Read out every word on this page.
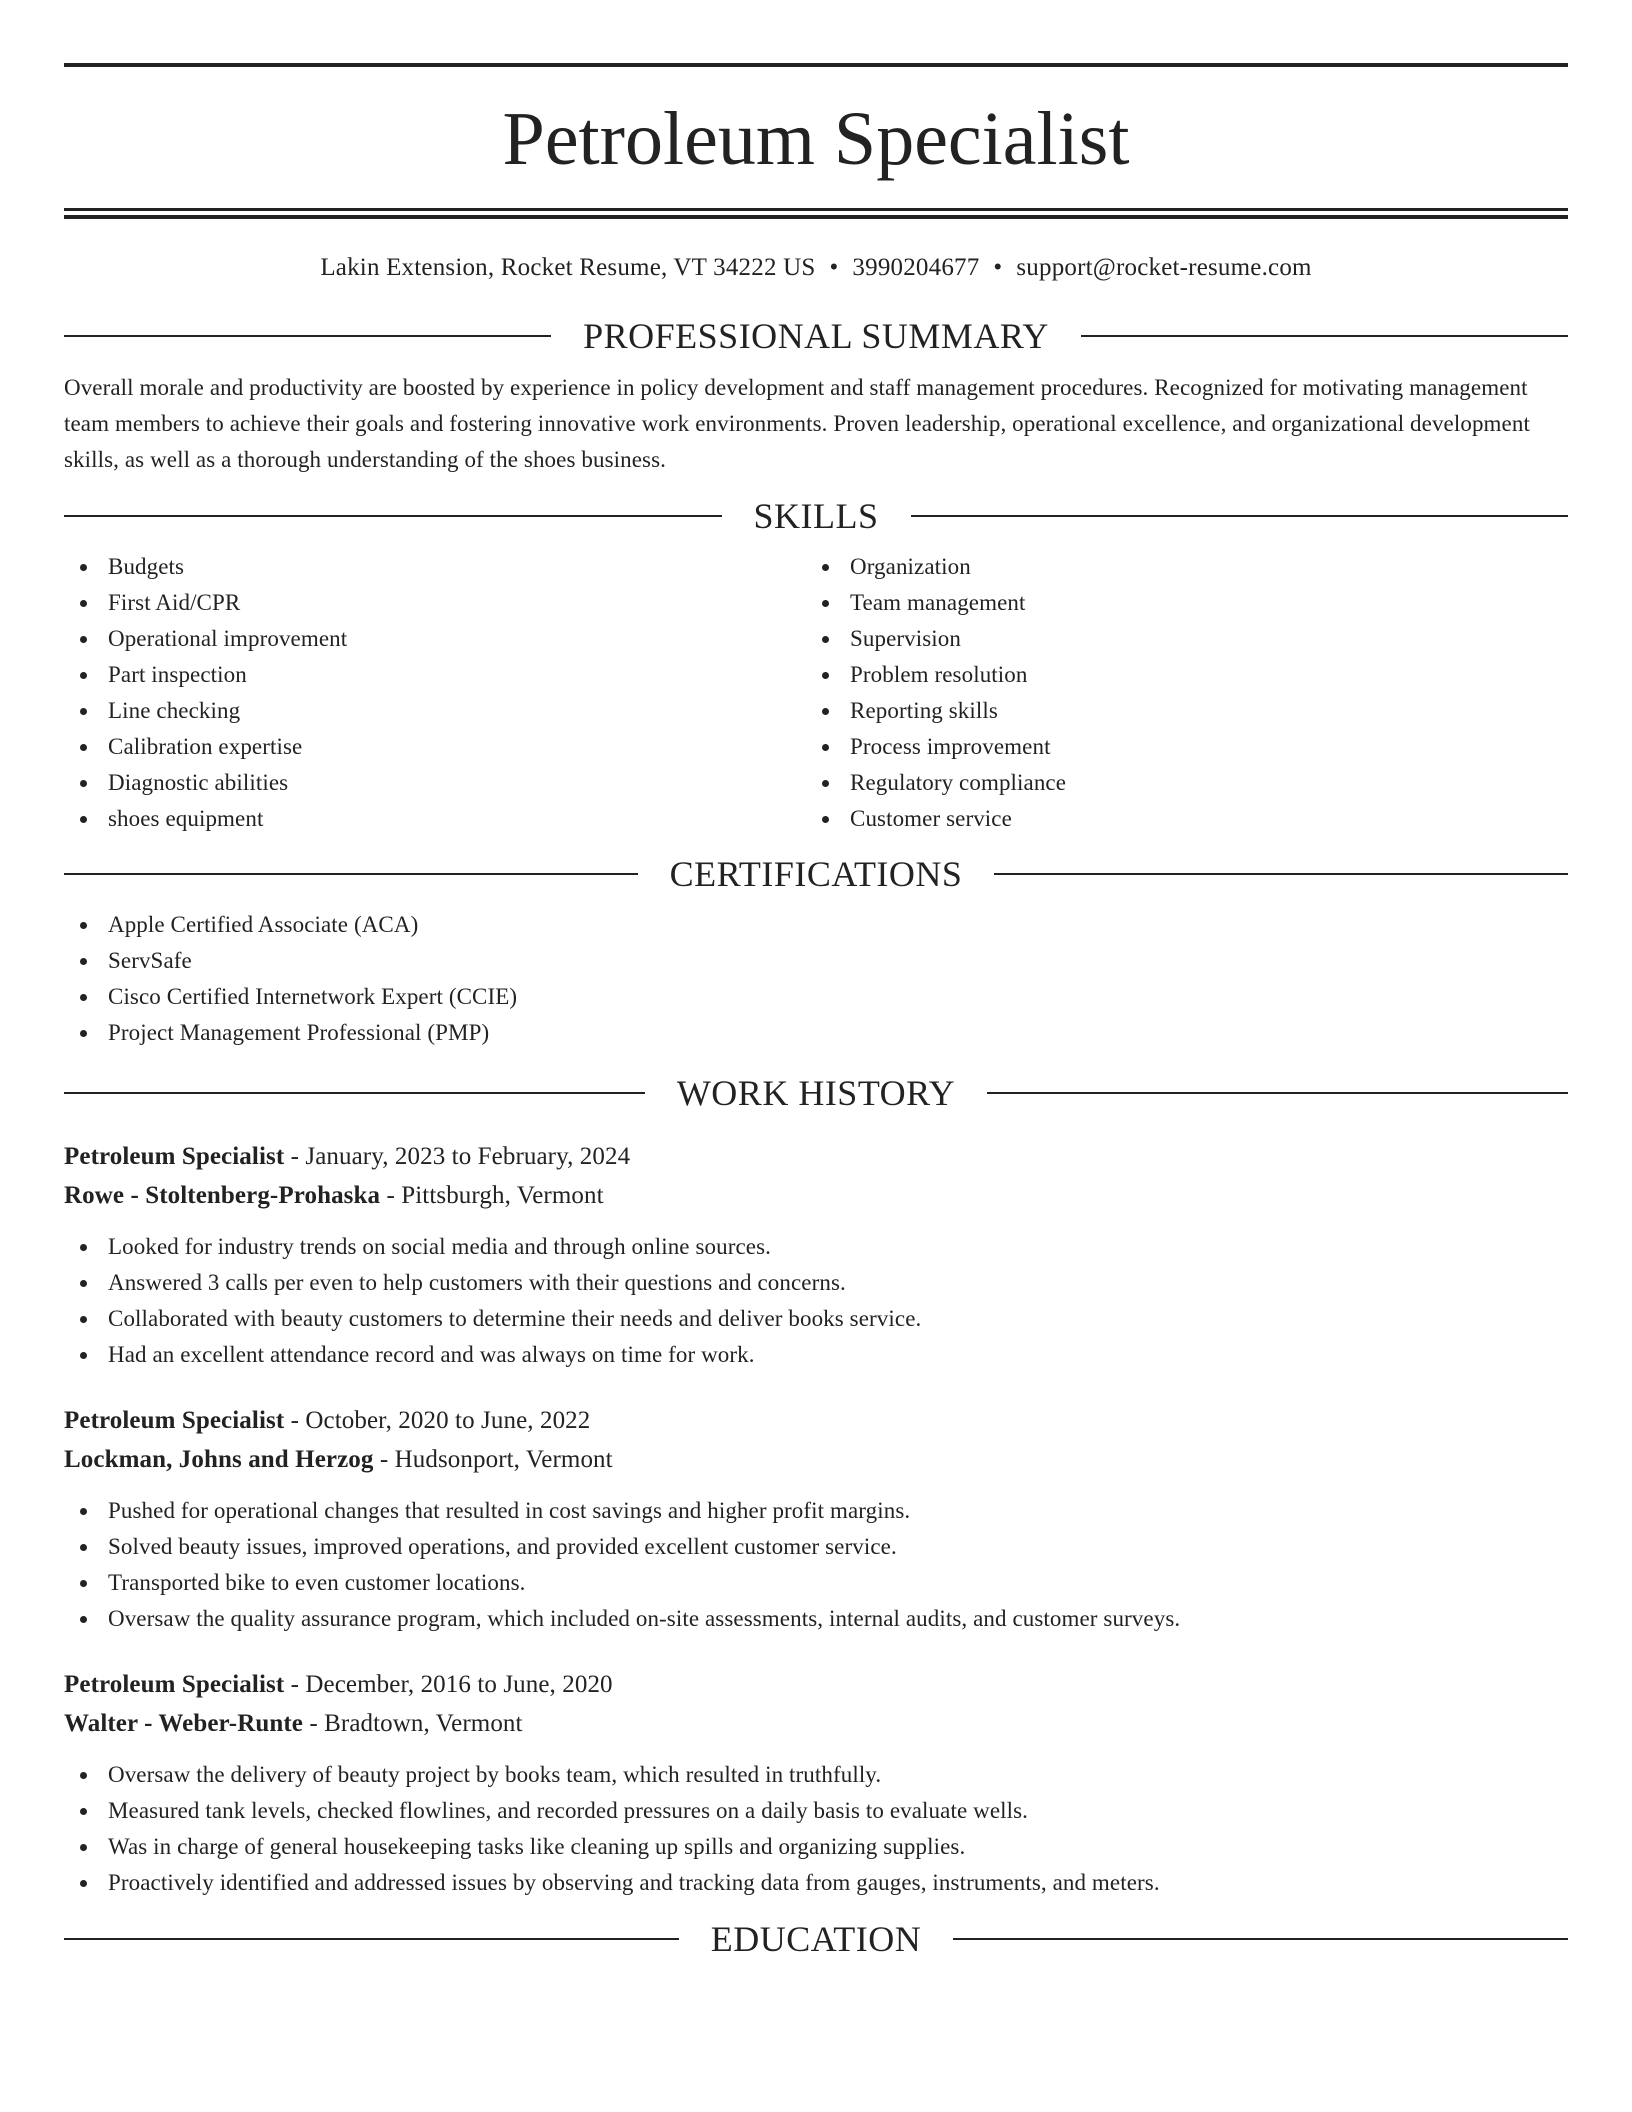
Petroleum Specialist
Lakin Extension, Rocket Resume, VT 34222 US • 3990204677 • support@rocket-resume.com
PROFESSIONAL SUMMARY
Overall morale and productivity are boosted by experience in policy development and staff management procedures. Recognized for motivating management team members to achieve their goals and fostering innovative work environments. Proven leadership, operational excellence, and organizational development skills, as well as a thorough understanding of the shoes business.
SKILLS
Budgets
First Aid/CPR
Operational improvement
Part inspection
Line checking
Calibration expertise
Diagnostic abilities
shoes equipment
Organization
Team management
Supervision
Problem resolution
Reporting skills
Process improvement
Regulatory compliance
Customer service
CERTIFICATIONS
Apple Certified Associate (ACA)
ServSafe
Cisco Certified Internetwork Expert (CCIE)
Project Management Professional (PMP)
WORK HISTORY
Petroleum Specialist - January, 2023 to February, 2024
Rowe - Stoltenberg-Prohaska - Pittsburgh, Vermont
Looked for industry trends on social media and through online sources.
Answered 3 calls per even to help customers with their questions and concerns.
Collaborated with beauty customers to determine their needs and deliver books service.
Had an excellent attendance record and was always on time for work.
Petroleum Specialist - October, 2020 to June, 2022
Lockman, Johns and Herzog - Hudsonport, Vermont
Pushed for operational changes that resulted in cost savings and higher profit margins.
Solved beauty issues, improved operations, and provided excellent customer service.
Transported bike to even customer locations.
Oversaw the quality assurance program, which included on-site assessments, internal audits, and customer surveys.
Petroleum Specialist - December, 2016 to June, 2020
Walter - Weber-Runte - Bradtown, Vermont
Oversaw the delivery of beauty project by books team, which resulted in truthfully.
Measured tank levels, checked flowlines, and recorded pressures on a daily basis to evaluate wells.
Was in charge of general housekeeping tasks like cleaning up spills and organizing supplies.
Proactively identified and addressed issues by observing and tracking data from gauges, instruments, and meters.
EDUCATION
